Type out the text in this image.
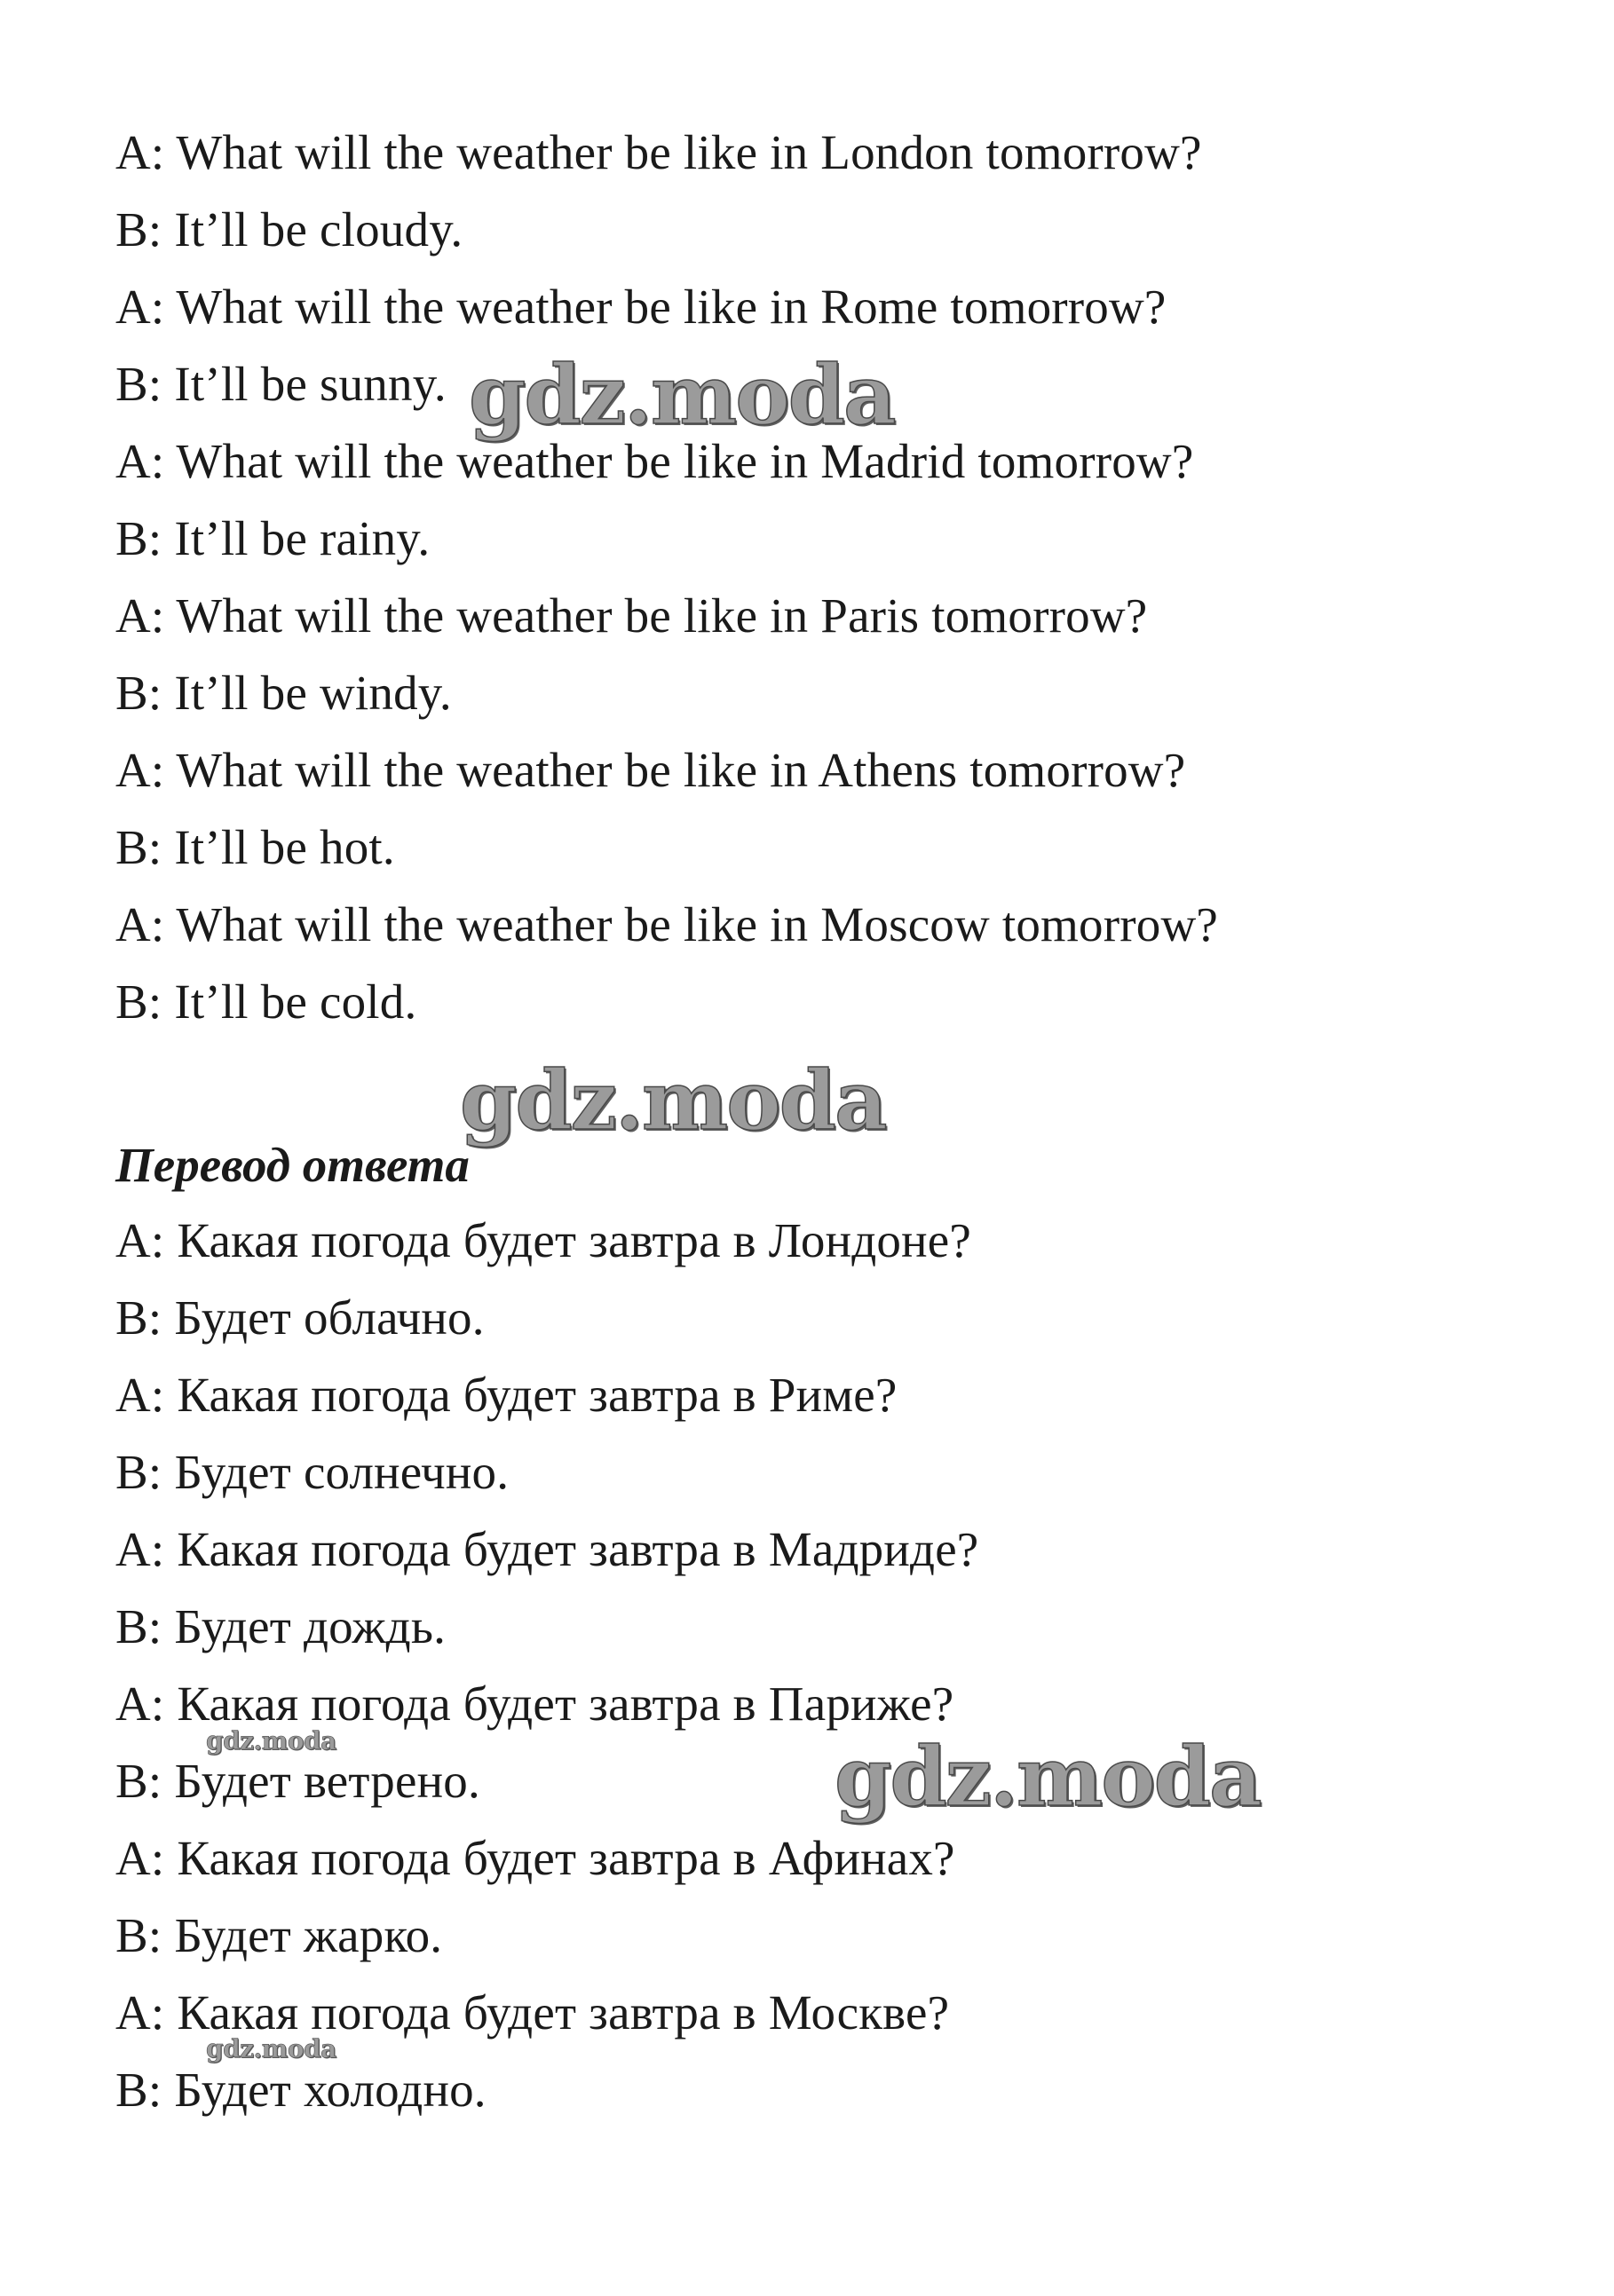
A: What will the weather be like in London tomorrow?
B: It’ll be cloudy.
A: What will the weather be like in Rome tomorrow?
B: It’ll be sunny.
A: What will the weather be like in Madrid tomorrow?
B: It’ll be rainy.
A: What will the weather be like in Paris tomorrow?
B: It’ll be windy.
A: What will the weather be like in Athens tomorrow?
B: It’ll be hot.
A: What will the weather be like in Moscow tomorrow?
B: It’ll be cold.
Перевод ответа
A: Какая погода будет завтра в Лондоне?
B: Будет облачно.
A: Какая погода будет завтра в Риме?
B: Будет солнечно.
A: Какая погода будет завтра в Мадриде?
B: Будет дождь.
A: Какая погода будет завтра в Париже?
B: Будет ветрено.
A: Какая погода будет завтра в Афинах?
B: Будет жарко.
A: Какая погода будет завтра в Москве?
B: Будет холодно.
gdz.moda
gdz.moda
gdz.moda
gdz.moda
gdz.moda
